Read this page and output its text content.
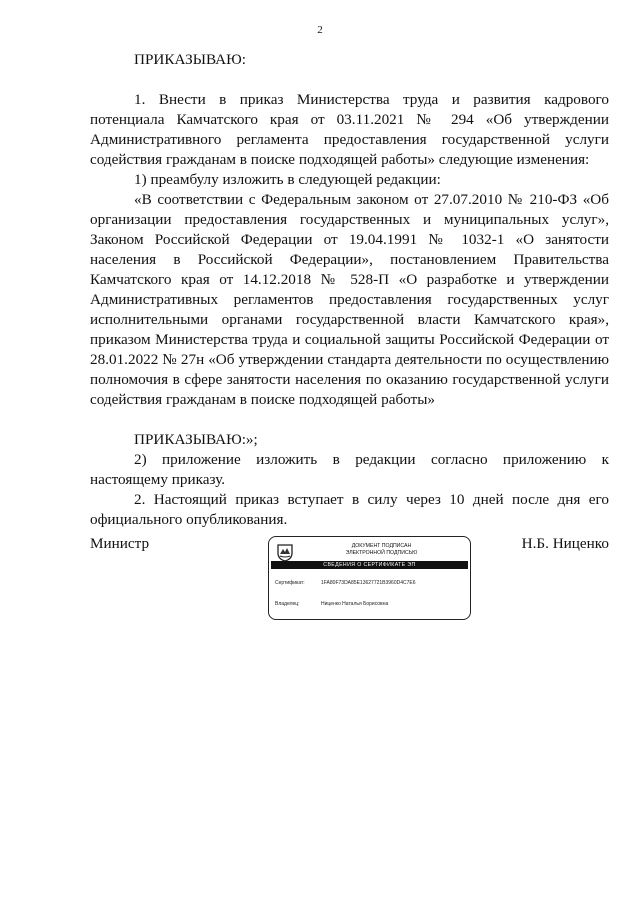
2

ПРИКАЗЫВАЮ:

1. Внести в приказ Министерства труда и развития кадрового потенциала Камчатского края от 03.11.2021 № 294 «Об утверждении Административного регламента предоставления государственной услуги содействия гражданам в поиске подходящей работы» следующие изменения:

1) преамбулу изложить в следующей редакции:

«В соответствии с Федеральным законом от 27.07.2010 № 210-ФЗ «Об организации предоставления государственных и муниципальных услуг», Законом Российской Федерации от 19.04.1991 № 1032-1 «О занятости населения в Российской Федерации», постановлением Правительства Камчатского края от 14.12.2018 № 528-П «О разработке и утверждении Административных регламентов предоставления государственных услуг исполнительными органами государственной власти Камчатского края», приказом Министерства труда и социальной защиты Российской Федерации от 28.01.2022 № 27н «Об утверждении стандарта деятельности по осуществлению полномочия в сфере занятости населения по оказанию государственной услуги содействия гражданам в поиске подходящей работы»

ПРИКАЗЫВАЮ:»;

2) приложение изложить в редакции согласно приложению к настоящему приказу.

2. Настоящий приказ вступает в силу через 10 дней после дня его официального опубликования.

Министр	Н.Б. Ниценко
ДОКУМЕНТ ПОДПИСАН
ЭЛЕКТРОННОЙ ПОДПИСЬЮ
СВЕДЕНИЯ О СЕРТИФИКАТЕ ЭП
Сертификат:	1FA80F73DA85E13627721B3960D4C7E6
Владелец:	Ниценко Наталья Борисовна
